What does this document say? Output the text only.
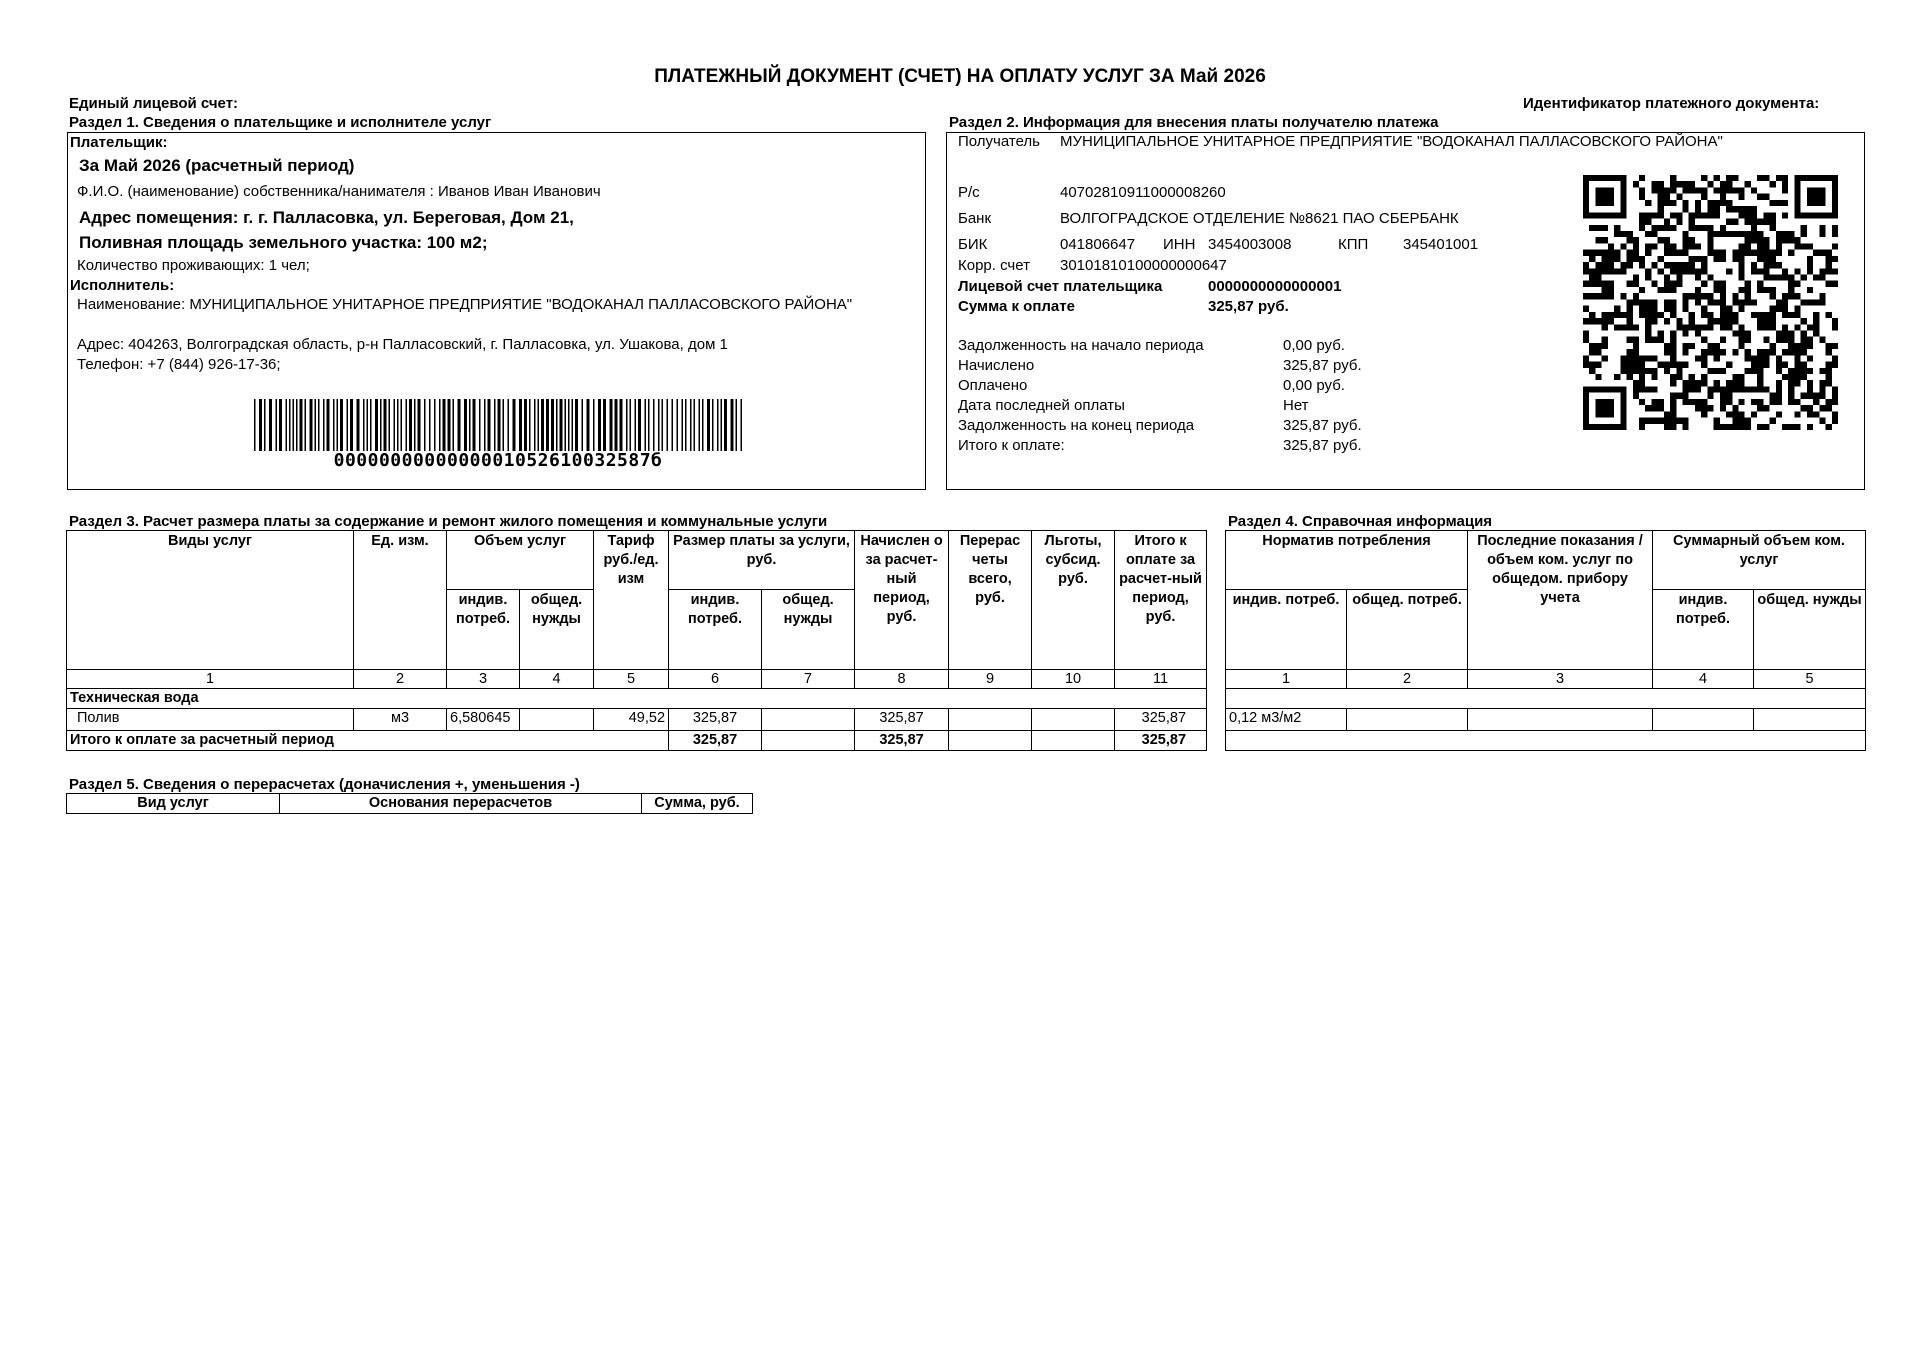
ПЛАТЕЖНЫЙ ДОКУМЕНТ (СЧЕТ) НА ОПЛАТУ УСЛУГ ЗА Май 2026
Единый лицевой счет:	Идентификатор платежного документа:
Раздел 1. Сведения о плательщике и исполнителе услуг
Плательщик:
За Май 2026 (расчетный период)
Ф.И.О. (наименование) собственника/нанимателя : Иванов Иван Иванович
Адрес помещения: г. г. Палласовка, ул. Береговая, Дом 21,
Поливная площадь земельного участка: 100 м2;
Количество проживающих: 1 чел;
Исполнитель:
Наименование: МУНИЦИПАЛЬНОЕ УНИТАРНОЕ ПРЕДПРИЯТИЕ "ВОДОКАНАЛ ПАЛЛАСОВСКОГО РАЙОНА"
Адрес: 404263, Волгоградская область, р-н Палласовский, г. Палласовка, ул. Ушакова, дом 1
Телефон: +7 (844) 926-17-36;
0000000000000001052610032587б
Раздел 2. Информация для внесения платы получателю платежа
Получатель МУНИЦИПАЛЬНОЕ УНИТАРНОЕ ПРЕДПРИЯТИЕ "ВОДОКАНАЛ ПАЛЛАСОВСКОГО РАЙОНА"
Р/с	40702810911000008260
Банк	ВОЛГОГРАДСКОЕ ОТДЕЛЕНИЕ №8621 ПАО СБЕРБАНК
БИК	041806647 ИНН 3454003008	КПП 345401001
Корр. счет 30101810100000000647
Лицевой счет плательщика	0000000000000001
Сумма к оплате	325,87 руб.
Задолженность на начало периода	0,00 руб.
Начислено	325,87 руб.
Оплачено	0,00 руб.
Дата последней оплаты	Нет
Задолженность на конец периода	325,87 руб.
Итого к оплате:	325,87 руб.
Раздел 3. Расчет размера платы за содержание и ремонт жилого помещения и коммунальные услуги
Виды услуг	Ед. изм.	Объем услуг		Тариф руб./ед. изм	Размер платы за услуги, руб.		Начислен о за расчет-ный период, руб.	Перерас четы всего, руб.	Льготы, субсид. руб.	Итого к оплате за расчет-ный период, руб.
		индив. потреб.	общед. нужды		индив. потреб.	общед. нужды				
1	2	3	4	5	6	7	8	9	10	11
Техническая вода										
Полив	м3	6,580645		49,52	325,87		325,87			325,87
Итого к оплате за расчетный период					325,87		325,87			325,87
Раздел 4. Справочная информация
Норматив потребления		Последние показания / объем ком. услуг по общедом. прибору учета	Суммарный объем ком. услуг	
индив. потреб.	общед. потреб.		индив. потреб.	общед. нужды
1	2	3	4	5

0,12 м3/м2				

Раздел 5. Сведения о перерасчетах (доначисления +, уменьшения -)
Вид услуг	Основания перерасчетов	Сумма, руб.
